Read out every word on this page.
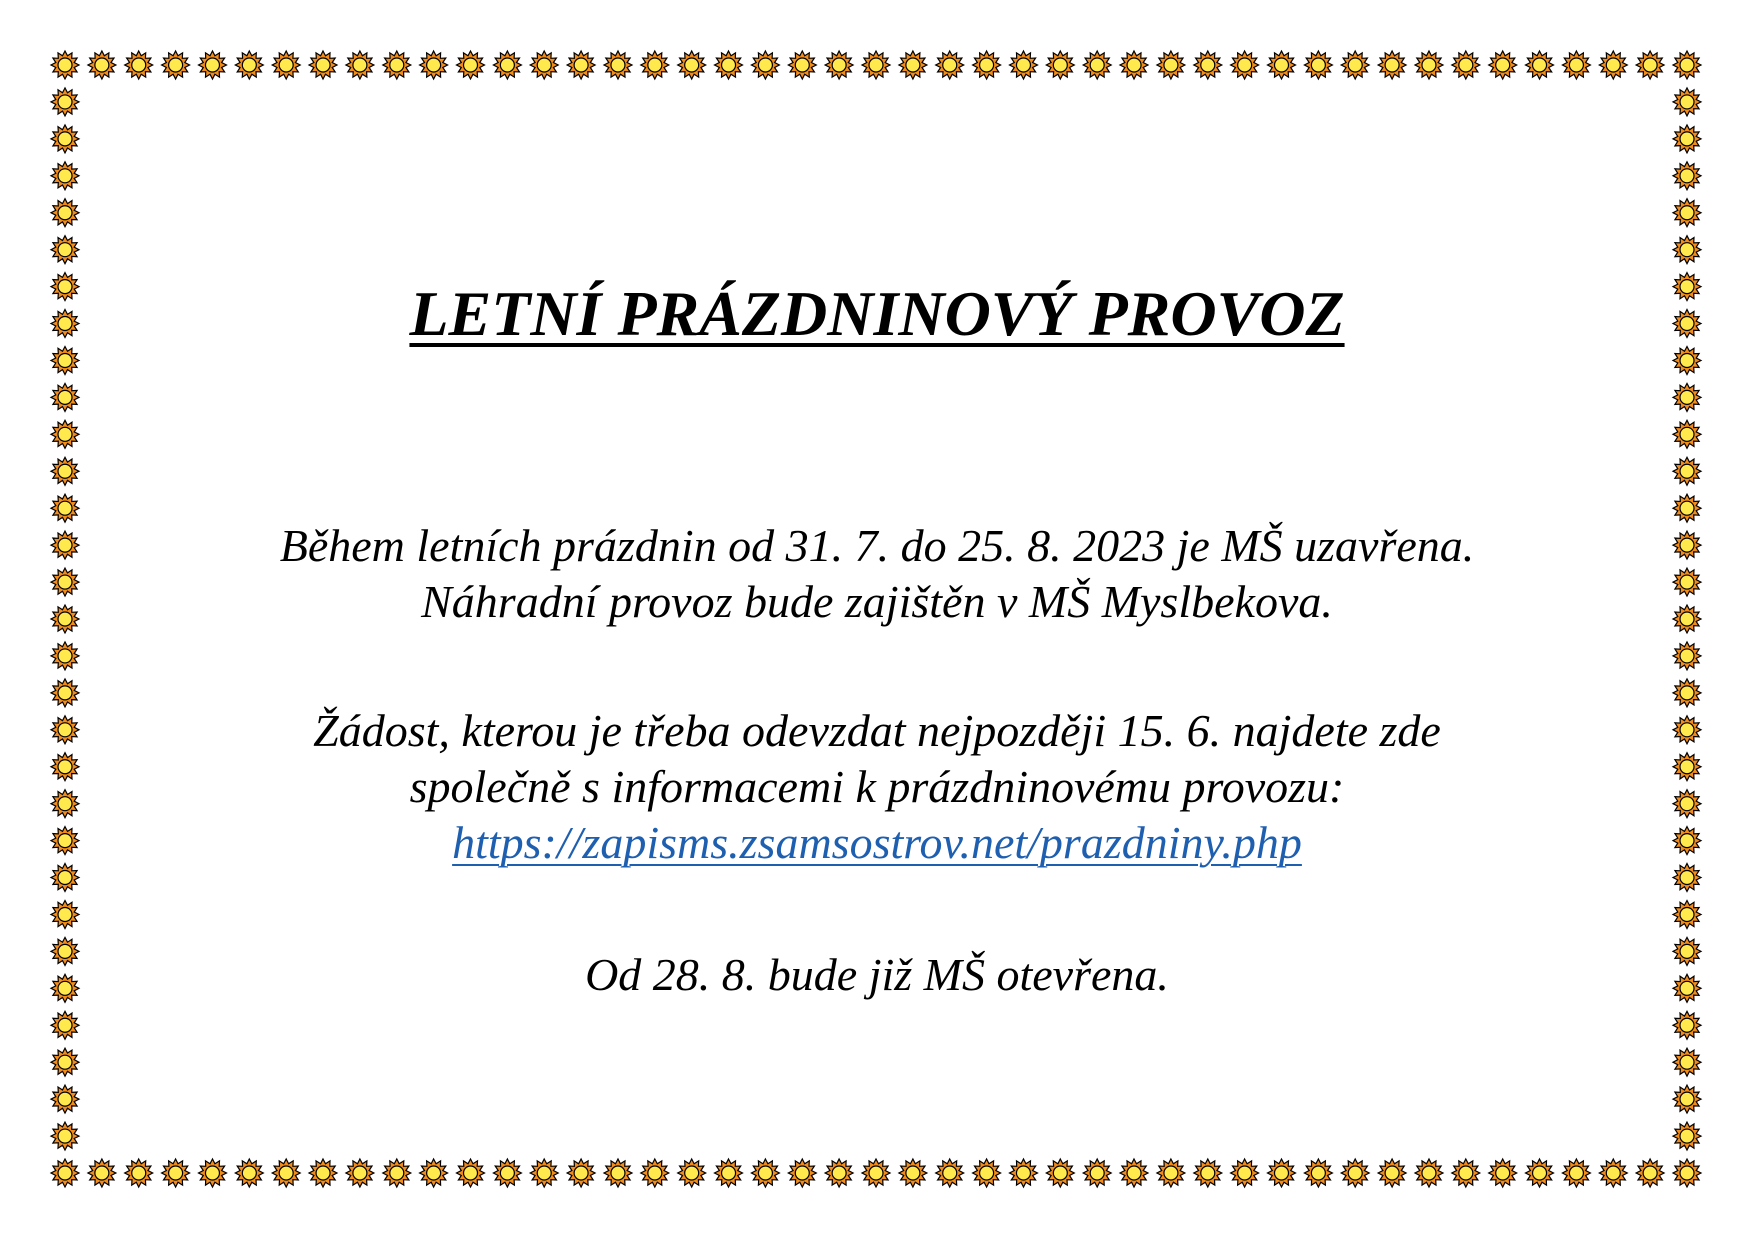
LETNÍ PRÁZDNINOVÝ PROVOZ

Během letních prázdnin od 31. 7. do 25. 8. 2023 je MŠ uzavřena.
Náhradní provoz bude zajištěn v MŠ Myslbekova.

Žádost, kterou je třeba odevzdat nejpozději 15. 6. najdete zde
společně s informacemi k prázdninovému provozu:
https://zapisms.zsamsostrov.net/prazdniny.php

Od 28. 8. bude již MŠ otevřena.
